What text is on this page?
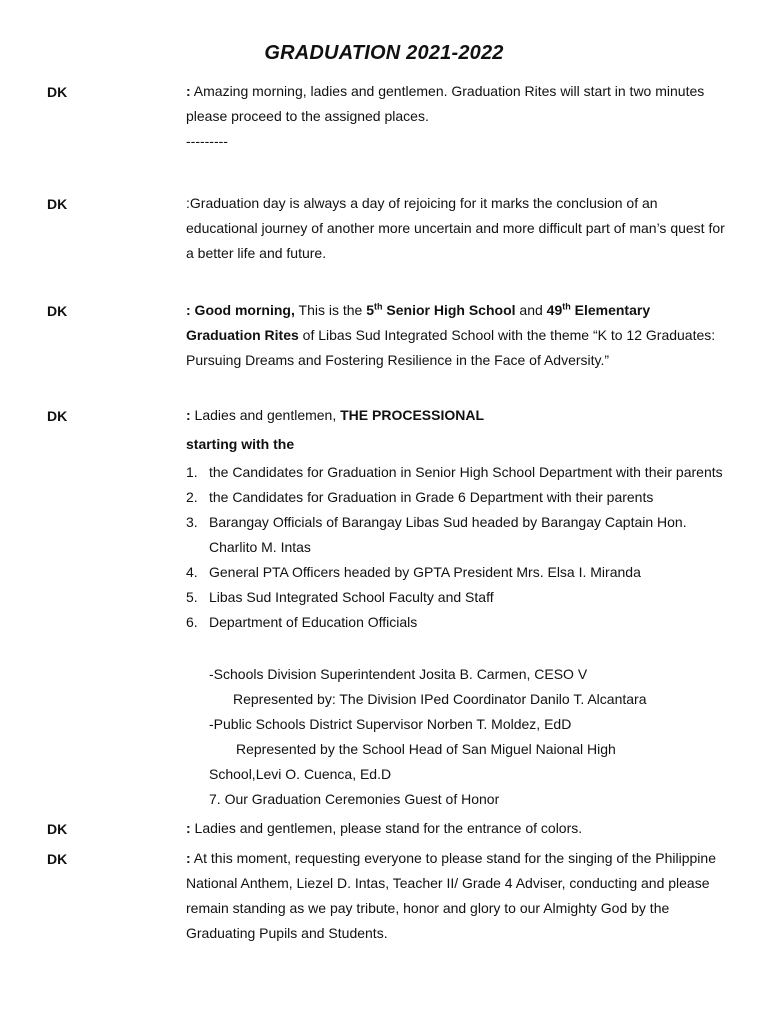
GRADUATION 2021-2022
DK	: Amazing morning, ladies and gentlemen. Graduation Rites will start in two minutes please proceed to the assigned places.
---------
DK	:Graduation day is always a day of rejoicing for it marks the conclusion of an educational journey of another more uncertain and more difficult part of man’s quest for a better life and future.
DK	: Good morning, This is the 5th Senior High School and 49th Elementary Graduation Rites of Libas Sud Integrated School with the theme “K to 12 Graduates: Pursuing Dreams and Fostering Resilience in the Face of Adversity.”
DK	: Ladies and gentlemen, THE PROCESSIONAL
starting with the
1. the Candidates for Graduation in Senior High School Department with their parents
2. the Candidates for Graduation in Grade 6 Department with their parents
3. Barangay Officials of Barangay Libas Sud headed by Barangay Captain Hon. Charlito M. Intas
4. General PTA Officers headed by GPTA President Mrs. Elsa I. Miranda
5. Libas Sud Integrated School Faculty and Staff
6. Department of Education Officials
-Schools Division Superintendent Josita B. Carmen, CESO V
Represented by: The Division IPed Coordinator Danilo T. Alcantara
-Public Schools District Supervisor Norben T. Moldez, EdD
Represented by the School Head of San Miguel Naional High
School,Levi O. Cuenca, Ed.D
7. Our Graduation Ceremonies Guest of Honor
DK	: Ladies and gentlemen, please stand for the entrance of colors.
DK	: At this moment, requesting everyone to please stand for the singing of the Philippine National Anthem, Liezel D. Intas, Teacher II/ Grade 4 Adviser, conducting and please remain standing as we pay tribute, honor and glory to our Almighty God by the Graduating Pupils and Students.
